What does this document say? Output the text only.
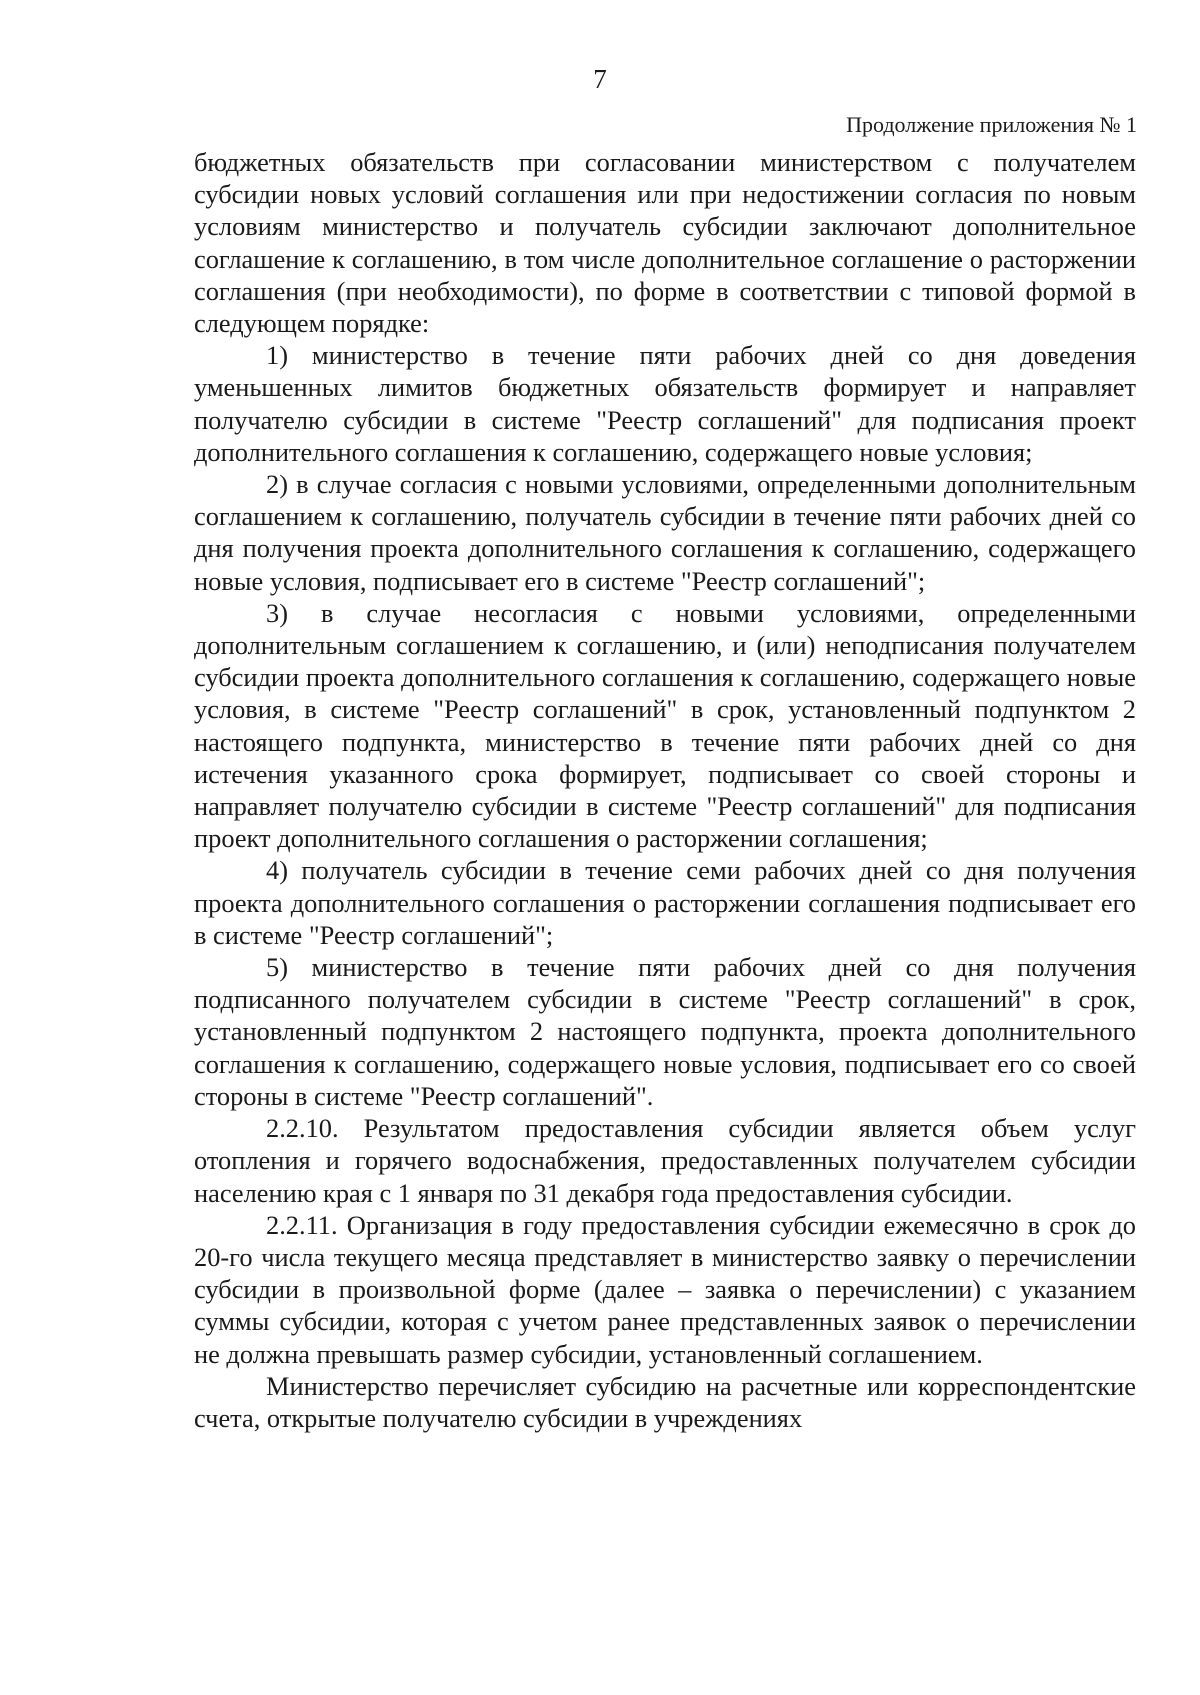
7
Продолжение приложения № 1

бюджетных обязательств при согласовании министерством с получателем субсидии новых условий соглашения или при недостижении согласия по новым условиям министерство и получатель субсидии заключают дополнительное соглашение к соглашению, в том числе дополнительное соглашение о расторжении соглашения (при необходимости), по форме в соответствии с типовой формой в следующем порядке:

1) министерство в течение пяти рабочих дней со дня доведения уменьшенных лимитов бюджетных обязательств формирует и направляет получателю субсидии в системе "Реестр соглашений" для подписания проект дополнительного соглашения к соглашению, содержащего новые условия;

2) в случае согласия с новыми условиями, определенными дополнительным соглашением к соглашению, получатель субсидии в течение пяти рабочих дней со дня получения проекта дополнительного соглашения к соглашению, содержащего новые условия, подписывает его в системе "Реестр соглашений";

3) в случае несогласия с новыми условиями, определенными дополнительным соглашением к соглашению, и (или) неподписания получателем субсидии проекта дополнительного соглашения к соглашению, содержащего новые условия, в системе "Реестр соглашений" в срок, установленный подпунктом 2 настоящего подпункта, министерство в течение пяти рабочих дней со дня истечения указанного срока формирует, подписывает со своей стороны и направляет получателю субсидии в системе "Реестр соглашений" для подписания проект дополнительного соглашения о расторжении соглашения;

4) получатель субсидии в течение семи рабочих дней со дня получения проекта дополнительного соглашения о расторжении соглашения подписывает его в системе "Реестр соглашений";

5) министерство в течение пяти рабочих дней со дня получения подписанного получателем субсидии в системе "Реестр соглашений" в срок, установленный подпунктом 2 настоящего подпункта, проекта дополнительного соглашения к соглашению, содержащего новые условия, подписывает его со своей стороны в системе "Реестр соглашений".

2.2.10. Результатом предоставления субсидии является объем услуг отопления и горячего водоснабжения, предоставленных получателем субсидии населению края с 1 января по 31 декабря года предоставления субсидии.

2.2.11. Организация в году предоставления субсидии ежемесячно в срок до 20-го числа текущего месяца представляет в министерство заявку о перечислении субсидии в произвольной форме (далее – заявка о перечислении) с указанием суммы субсидии, которая с учетом ранее представленных заявок о перечислении не должна превышать размер субсидии, установленный соглашением.

Министерство перечисляет субсидию на расчетные или корреспондентские счета, открытые получателю субсидии в учреждениях
